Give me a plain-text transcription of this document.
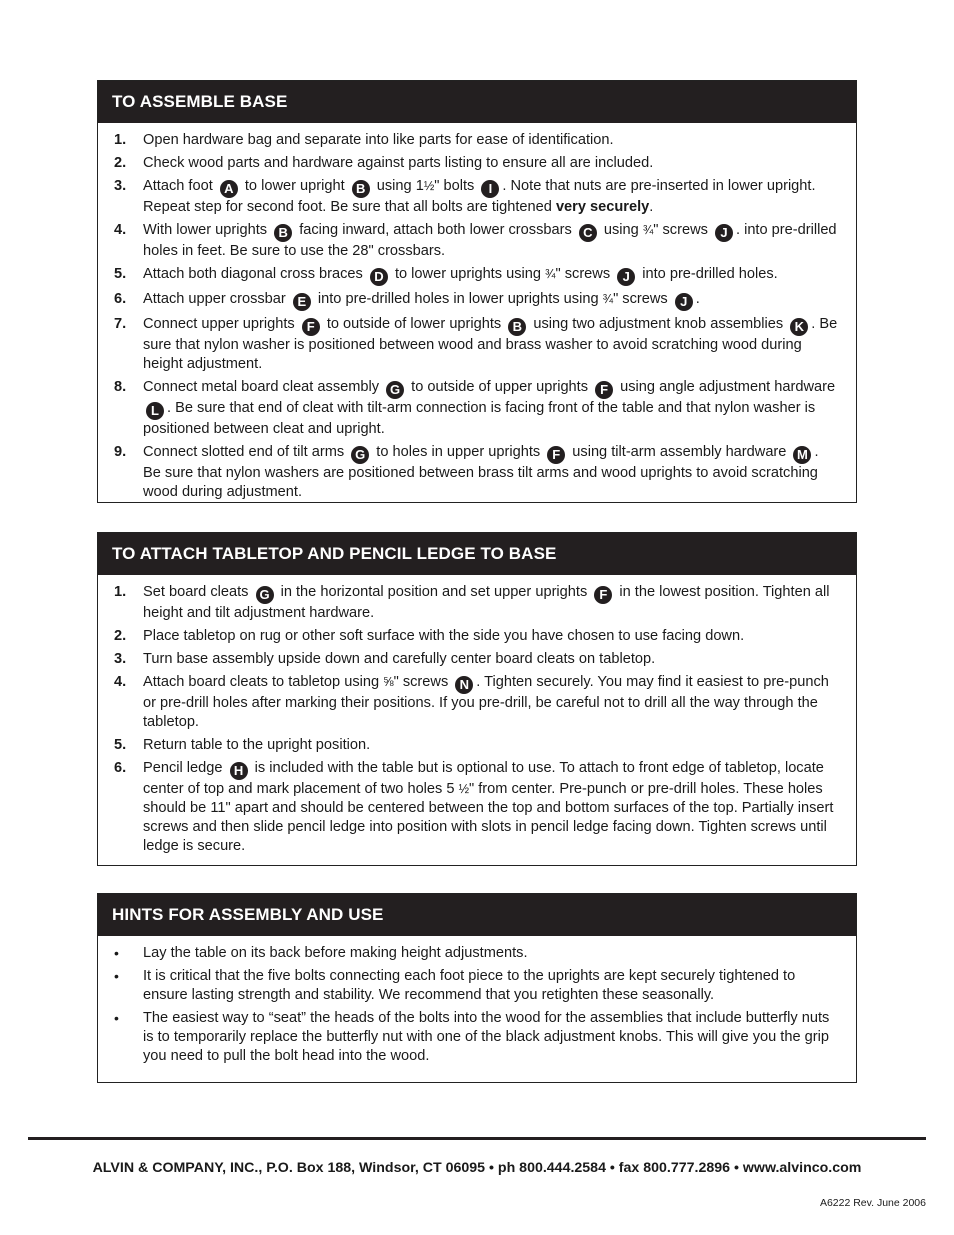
TO ASSEMBLE BASE
1.	Open hardware bag and separate into like parts for ease of identification.
2.	Check wood parts and hardware against parts listing to ensure all are included.
3.	Attach foot A to lower upright B using 1½" bolts I . Note that nuts are pre-inserted in lower upright. Repeat step for second foot. Be sure that all bolts are tightened very securely.
4.	With lower uprights B facing inward, attach both lower crossbars C using ¾" screws J . into pre-drilled holes in feet. Be sure to use the 28" crossbars.
5.	Attach both diagonal cross braces D to lower uprights using ¾" screws J into pre-drilled holes.
6.	Attach upper crossbar E into pre-drilled holes in lower uprights using ¾" screws J .
7.	Connect upper uprights F to outside of lower uprights B using two adjustment knob assemblies K . Be sure that nylon washer is positioned between wood and brass washer to avoid scratching wood during height adjustment.
8.	Connect metal board cleat assembly G to outside of upper uprights F using angle adjustment hardware L . Be sure that end of cleat with tilt-arm connection is facing front of the table and that nylon washer is positioned between cleat and upright.
9.	Connect slotted end of tilt arms G to holes in upper uprights F using tilt-arm assembly hardware M . Be sure that nylon washers are positioned between brass tilt arms and wood uprights to avoid scratching wood during adjustment.
TO ATTACH TABLETOP AND PENCIL LEDGE TO BASE
1.	Set board cleats G in the horizontal position and set upper uprights F in the lowest position. Tighten all height and tilt adjustment hardware.
2.	Place tabletop on rug or other soft surface with the side you have chosen to use facing down.
3.	Turn base assembly upside down and carefully center board cleats on tabletop.
4.	Attach board cleats to tabletop using ⅝" screws N . Tighten securely. You may find it easiest to pre-punch or pre-drill holes after marking their positions. If you pre-drill, be careful not to drill all the way through the tabletop.
5.	Return table to the upright position.
6.	Pencil ledge H is included with the table but is optional to use. To attach to front edge of tabletop, locate center of top and mark placement of two holes 5 ½" from center. Pre-punch or pre-drill holes. These holes should be 11" apart and should be centered between the top and bottom surfaces of the top. Partially insert screws and then slide pencil ledge into position with slots in pencil ledge facing down. Tighten screws until ledge is secure.
HINTS FOR ASSEMBLY AND USE
•	Lay the table on its back before making height adjustments.
•	It is critical that the five bolts connecting each foot piece to the uprights are kept securely tightened to ensure lasting strength and stability. We recommend that you retighten these seasonally.
•	The easiest way to “seat” the heads of the bolts into the wood for the assemblies that include butterfly nuts is to temporarily replace the butterfly nut with one of the black adjustment knobs. This will give you the grip you need to pull the bolt head into the wood.
ALVIN & COMPANY, INC., P.O. Box 188, Windsor, CT 06095 • ph 800.444.2584 • fax 800.777.2896 • www.alvinco.com
A6222 Rev. June 2006
